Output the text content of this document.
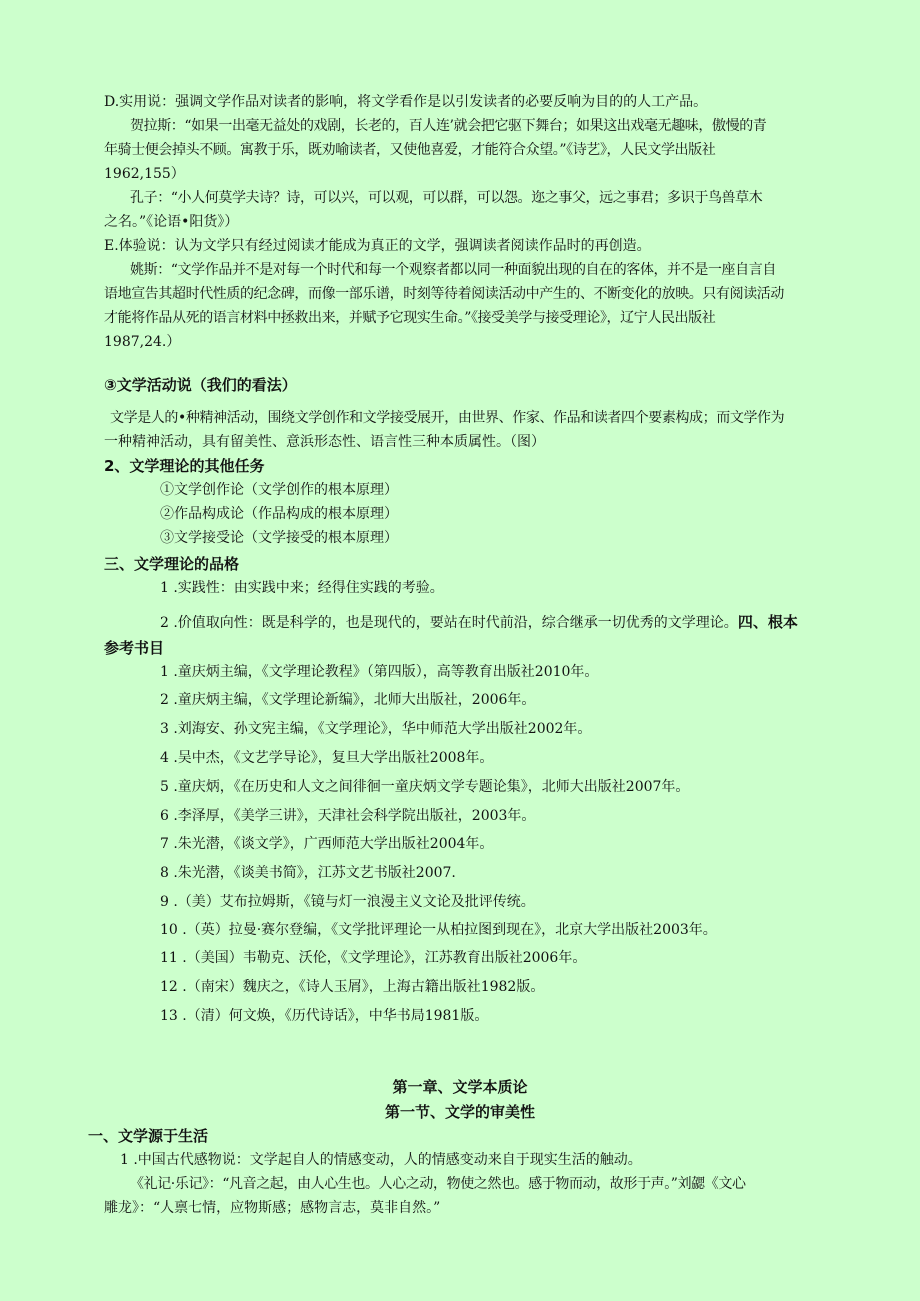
D.实用说：强调文学作品对读者的影响，将文学看作是以引发读者的必要反响为目的的人工产品。
贺拉斯：“如果一出毫无益处的戏剧，长老的，百人连’就会把它驱下舞台；如果这出戏毫无趣味，傲慢的青
年骑士便会掉头不顾。寓教于乐，既劝喻读者，又使他喜爱，才能符合众望。”《诗艺》，人民文学出版社
1962,155）
孔子：“小人何莫学夫诗？诗，可以兴，可以观，可以群，可以怨。迩之事父，远之事君；多识于鸟兽草木
之名。”《论语•阳货》）
E.体验说：认为文学只有经过阅读才能成为真正的文学，强调读者阅读作品时的再创造。
姚斯：“文学作品并不是对每一个时代和每一个观察者都以同一种面貌出现的自在的客体，并不是一座自言自
语地宣告其超时代性质的纪念碑，而像一部乐谱，时刻等待着阅读活动中产生的、不断变化的放映。只有阅读活动
才能将作品从死的语言材料中拯救出来，并赋予它现实生命。”《接受美学与接受理论》，辽宁人民出版社
1987,24.）
③文学活动说（我们的看法）
文学是人的•种精神活动，围绕文学创作和文学接受展开，由世界、作家、作品和读者四个要素构成；而文学作为
一种精神活动，具有留美性、意浜形态性、语言性三种本质属性。（图）
2、文学理论的其他任务
①文学创作论（文学创作的根本原理）
②作品构成论（作品构成的根本原理）
③文学接受论（文学接受的根本原理）
三、文学理论的品格
1 .实践性：由实践中来；经得住实践的考验。
2 .价值取向性：既是科学的，也是现代的，要站在时代前沿，综合继承一切优秀的文学理论。四、根本
参考书目
1 .童庆炳主编，《文学理论教程》（第四版），高等教育出版社2010年。
2 .童庆炳主编，《文学理论新编》，北师大出版社，2006年。
3 .刘海安、孙文宪主编，《文学理论》，华中师范大学出版社2002年。
4 .吴中杰，《文艺学导论》，复旦大学出版社2008年。
5 .童庆炳，《在历史和人文之间徘徊一童庆炳文学专题论集》，北师大出版社2007年。
6 .李泽厚，《美学三讲》，天津社会科学院出版社，2003年。
7 .朱光潜，《谈文学》，广西师范大学出版社2004年。
8 .朱光潜，《谈美书简》，江苏文艺书版社2007.
9 .（美）艾布拉姆斯，《镜与灯一浪漫主义文论及批评传统。
10 .（英）拉曼·赛尔登编，《文学批评理论一从柏拉图到现在》，北京大学出版社2003年。
11 .（美国）韦勒克、沃伦，《文学理论》，江苏教育出版社2006年。
12 .（南宋）魏庆之，《诗人玉屑》，上海古籍出版社1982版。
13 .（清）何文焕，《历代诗话》，中华书局1981版。
第一章、文学本质论
第一节、文学的审美性
一、文学源于生活
1 .中国古代感物说：文学起自人的情感变动，人的情感变动来自于现实生活的触动。
《礼记·乐记》：“凡音之起，由人心生也。人心之动，物使之然也。感于物而动，故形于声。”刘勰《文心
雕龙》：“人禀七情，应物斯感；感物言志，莫非自然。”
